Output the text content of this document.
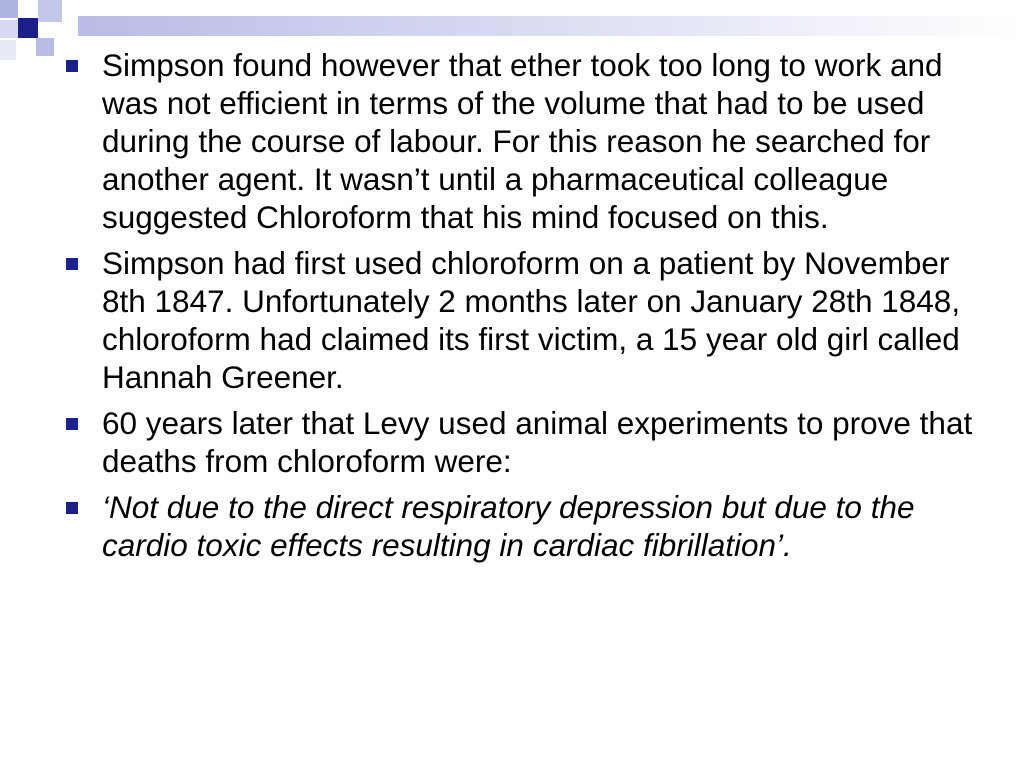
Simpson found however that ether took too long to work and was not efficient in terms of the volume that had to be used during the course of labour. For this reason he searched for another agent. It wasn’t until a pharmaceutical colleague suggested Chloroform that his mind focused on this.
Simpson had first used chloroform on a patient by November 8th 1847. Unfortunately 2 months later on January 28th 1848, chloroform had claimed its first victim, a 15 year old girl called Hannah Greener.
60 years later that Levy used animal experiments to prove that deaths from chloroform were:
‘Not due to the direct respiratory depression but due to the cardio toxic effects resulting in cardiac fibrillation’.
